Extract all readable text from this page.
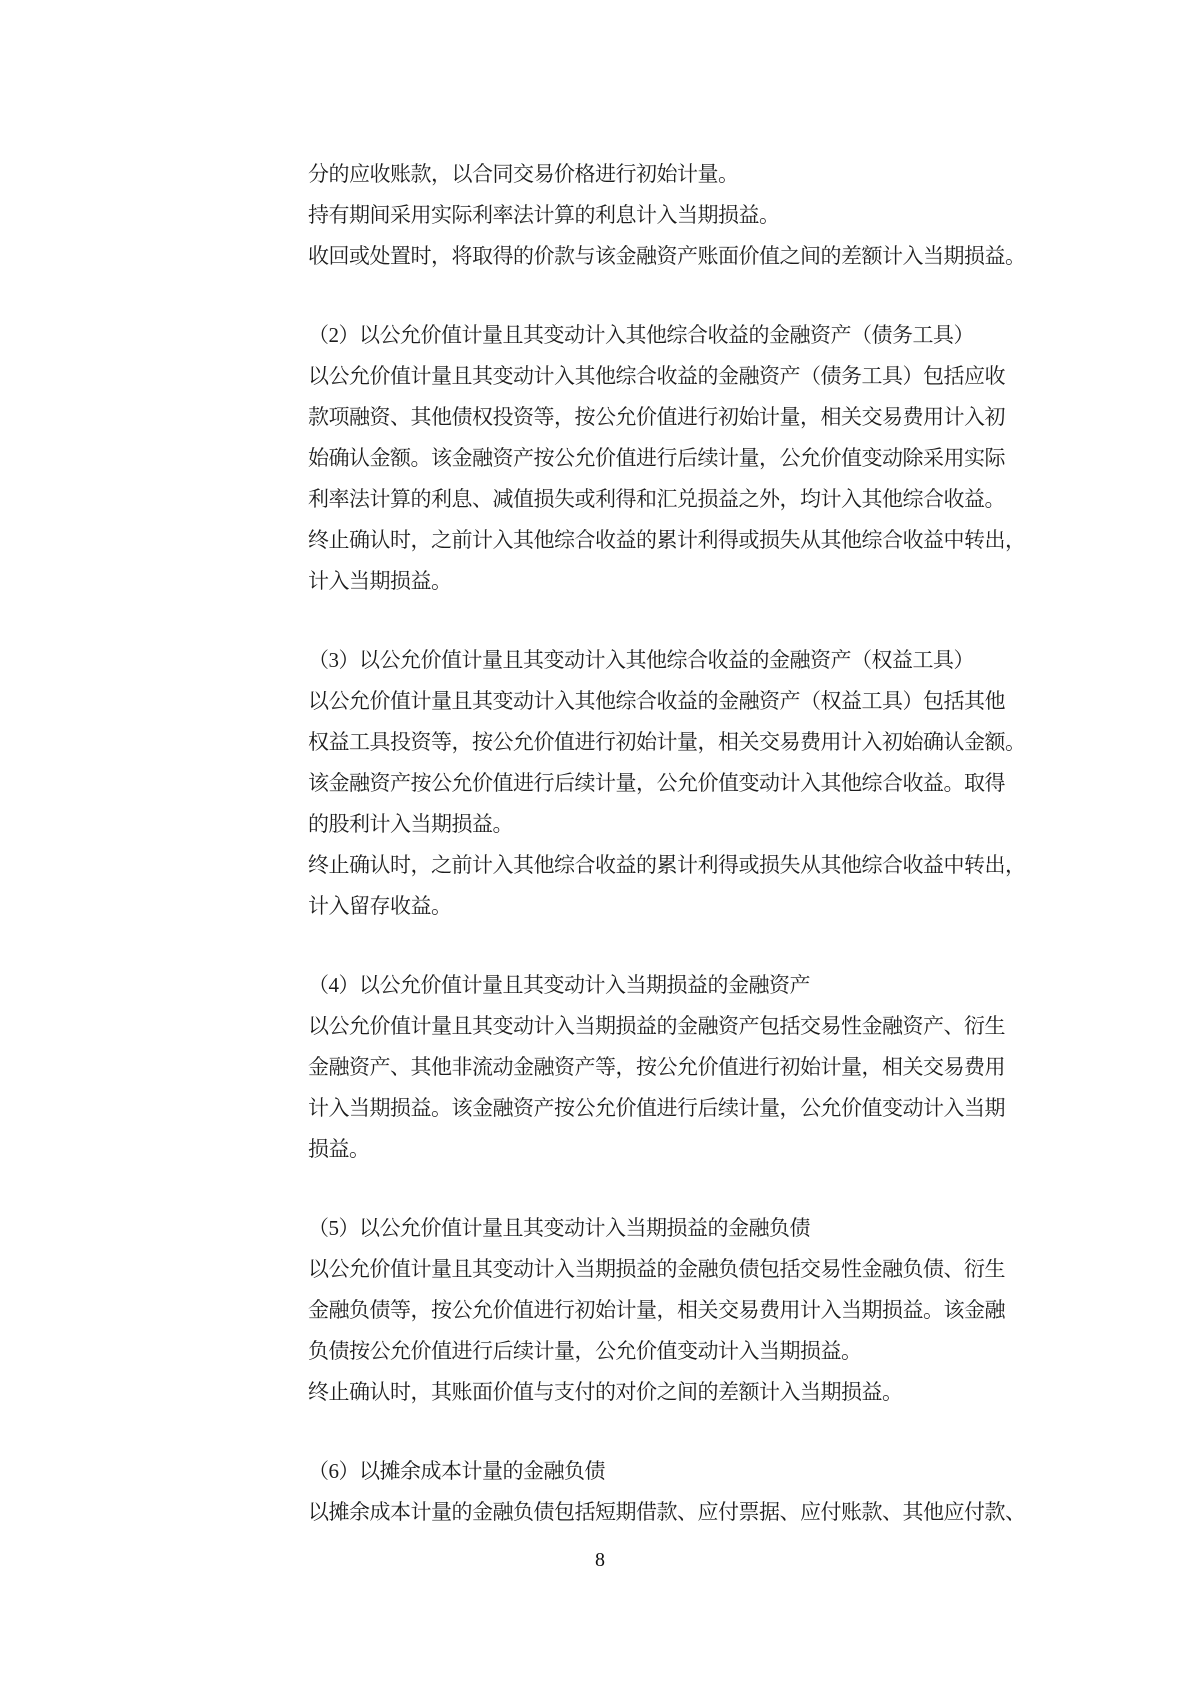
分的应收账款，以合同交易价格进行初始计量。

持有期间采用实际利率法计算的利息计入当期损益。

收回或处置时，将取得的价款与该金融资产账面价值之间的差额计入当期损益。

（2）以公允价值计量且其变动计入其他综合收益的金融资产（债务工具）

以公允价值计量且其变动计入其他综合收益的金融资产（债务工具）包括应收

款项融资、其他债权投资等，按公允价值进行初始计量，相关交易费用计入初

始确认金额。该金融资产按公允价值进行后续计量，公允价值变动除采用实际

利率法计算的利息、减值损失或利得和汇兑损益之外，均计入其他综合收益。

终止确认时，之前计入其他综合收益的累计利得或损失从其他综合收益中转出，

计入当期损益。

（3）以公允价值计量且其变动计入其他综合收益的金融资产（权益工具）

以公允价值计量且其变动计入其他综合收益的金融资产（权益工具）包括其他

权益工具投资等，按公允价值进行初始计量，相关交易费用计入初始确认金额。

该金融资产按公允价值进行后续计量，公允价值变动计入其他综合收益。取得

的股利计入当期损益。

终止确认时，之前计入其他综合收益的累计利得或损失从其他综合收益中转出，

计入留存收益。

（4）以公允价值计量且其变动计入当期损益的金融资产

以公允价值计量且其变动计入当期损益的金融资产包括交易性金融资产、衍生

金融资产、其他非流动金融资产等，按公允价值进行初始计量，相关交易费用

计入当期损益。该金融资产按公允价值进行后续计量，公允价值变动计入当期

损益。

（5）以公允价值计量且其变动计入当期损益的金融负债

以公允价值计量且其变动计入当期损益的金融负债包括交易性金融负债、衍生

金融负债等，按公允价值进行初始计量，相关交易费用计入当期损益。该金融

负债按公允价值进行后续计量，公允价值变动计入当期损益。

终止确认时，其账面价值与支付的对价之间的差额计入当期损益。

（6）以摊余成本计量的金融负债

以摊余成本计量的金融负债包括短期借款、应付票据、应付账款、其他应付款、

8
